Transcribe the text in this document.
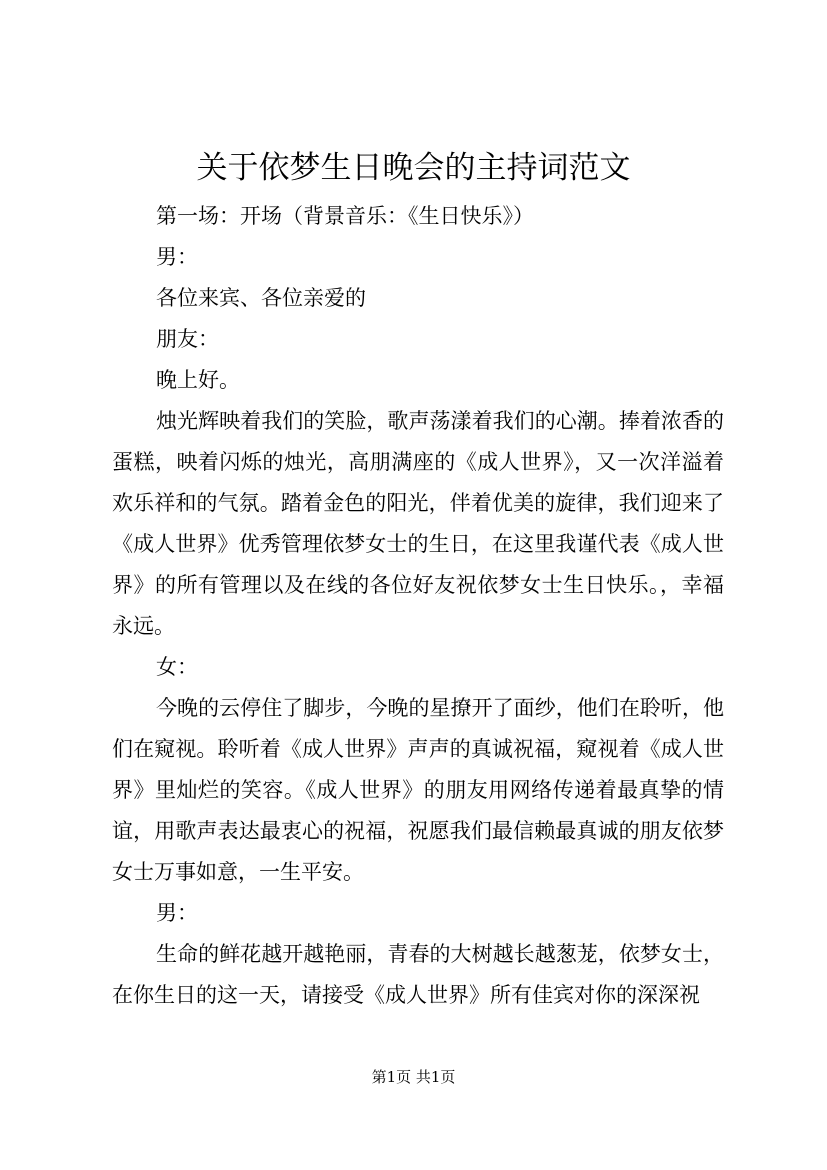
关于依梦生日晚会的主持词范文

第一场：开场（背景音乐：《生日快乐》）

男：

各位来宾、各位亲爱的

朋友：

晚上好。

烛光辉映着我们的笑脸，歌声荡漾着我们的心潮。捧着浓香的蛋糕，映着闪烁的烛光，高朋满座的《成人世界》，又一次洋溢着欢乐祥和的气氛。踏着金色的阳光，伴着优美的旋律，我们迎来了《成人世界》优秀管理依梦女士的生日，在这里我谨代表《成人世界》的所有管理以及在线的各位好友祝依梦女士生日快乐。，幸福永远。

女：

今晚的云停住了脚步，今晚的星撩开了面纱，他们在聆听，他们在窥视。聆听着《成人世界》声声的真诚祝福，窥视着《成人世界》里灿烂的笑容。《成人世界》的朋友用网络传递着最真挚的情谊，用歌声表达最衷心的祝福，祝愿我们最信赖最真诚的朋友依梦女士万事如意，一生平安。

男：

生命的鲜花越开越艳丽，青春的大树越长越葱茏，依梦女士，在你生日的这一天，请接受《成人世界》所有佳宾对你的深深祝

第1页 共1页
